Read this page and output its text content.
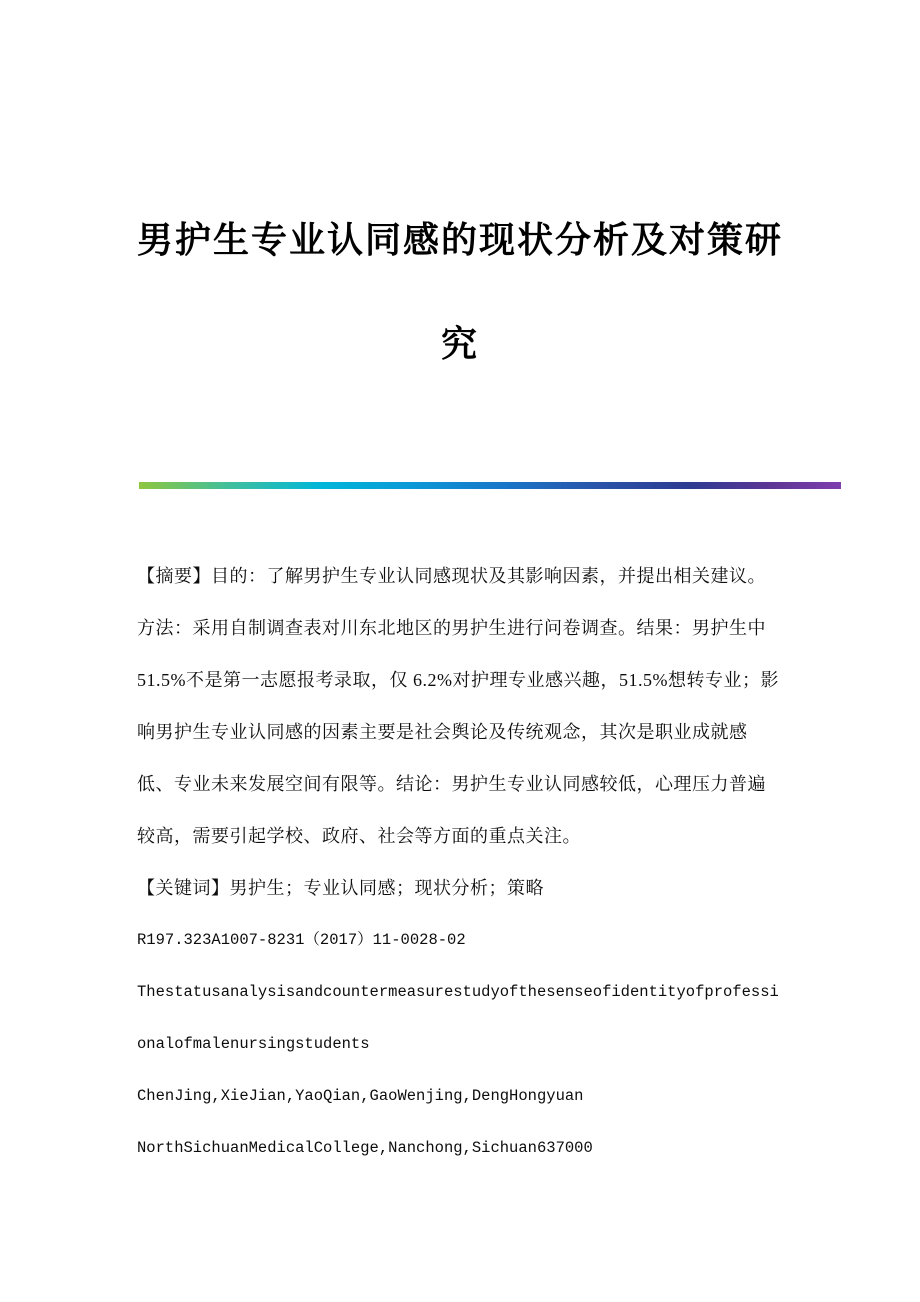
男护生专业认同感的现状分析及对策研
究

【摘要】目的：了解男护生专业认同感现状及其影响因素，并提出相关建议。

方法：采用自制调查表对川东北地区的男护生进行问卷调查。结果：男护生中

51.5%不是第一志愿报考录取，仅 6.2%对护理专业感兴趣，51.5%想转专业；影

响男护生专业认同感的因素主要是社会舆论及传统观念，其次是职业成就感

低、专业未来发展空间有限等。结论：男护生专业认同感较低，心理压力普遍

较高，需要引起学校、政府、社会等方面的重点关注。

【关键词】男护生；专业认同感；现状分析；策略

R197.323A1007-8231（2017）11-0028-02

Thestatusanalysisandcountermeasurestudyofthesenseofidentityofprofessi

onalofmalenursingstudents

ChenJing,XieJian,YaoQian,GaoWenjing,DengHongyuan

NorthSichuanMedicalCollege,Nanchong,Sichuan637000
